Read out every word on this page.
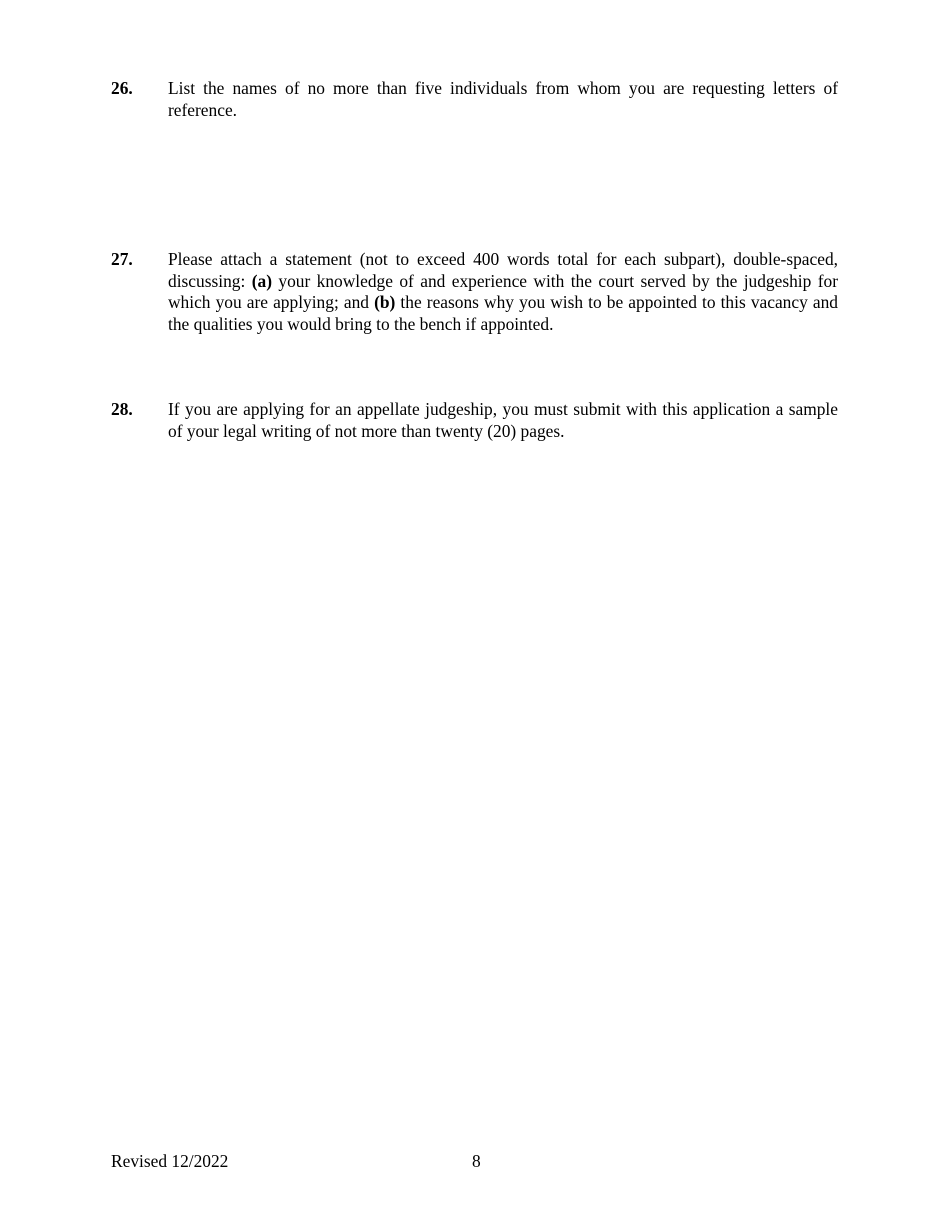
26. List the names of no more than five individuals from whom you are requesting letters of reference.
27. Please attach a statement (not to exceed 400 words total for each subpart), double-spaced, discussing: (a) your knowledge of and experience with the court served by the judgeship for which you are applying; and (b) the reasons why you wish to be appointed to this vacancy and the qualities you would bring to the bench if appointed.
28. If you are applying for an appellate judgeship, you must submit with this application a sample of your legal writing of not more than twenty (20) pages.
Revised 12/2022	8
